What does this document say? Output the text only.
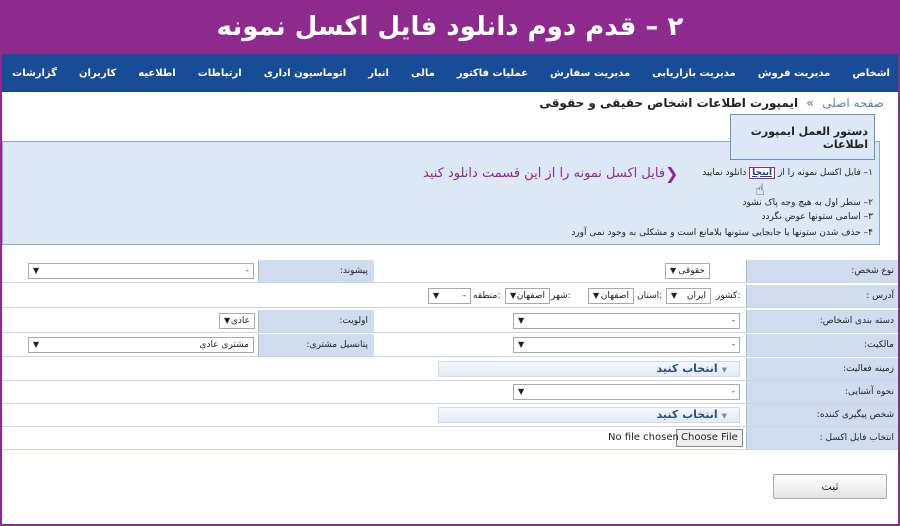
۲ – قدم دوم دانلود فایل اکسل نمونه
اشخاص
مدیریت فروش
مدیریت بازاریابی
مدیریت سفارش
عملیات فاکتور
مالی
انبار
اتوماسیون اداری
ارتباطات
اطلاعیه
کاربران
گزارشات
صفحه اصلی » ایمپورت اطلاعات اشخاص حقیقی و حقوقی
۱– فایل اکسل نمونه را از اینجا دانلود نمایید
۲– سطر اول به هیچ وجه پاک نشود
۳– اسامی ستونها عوض نگردد
۴– حذف شدن ستونها یا جابجایی ستونها بلامانع است و مشکلی به وجود نمی آورد
❮
فایل اکسل نمونه را از این قسمت دانلود کنید
دستور العمل ایمپورت اطلاعات
☝
نوع شخص:
حقوقی
▼
پیشوند:
-
▼
آدرس :
کشور:
ایران
▼
استان:
اصفهان
▼
شهر:
اصفهان
▼
منطقه:
-
▼
دسته بندی اشخاص:
-
▼
اولویت:
عادی
▼
مالکیت:
-
▼
پتانسیل مشتری:
مشتری عادی
▼
زمینه فعالیت:
▼انتخاب کنید
نحوه آشنایی:
-
▼
شخص پیگیری کننده:
▼انتخاب کنید
انتخاب فایل اکسل :
Choose File
No file chosen
ثبت
